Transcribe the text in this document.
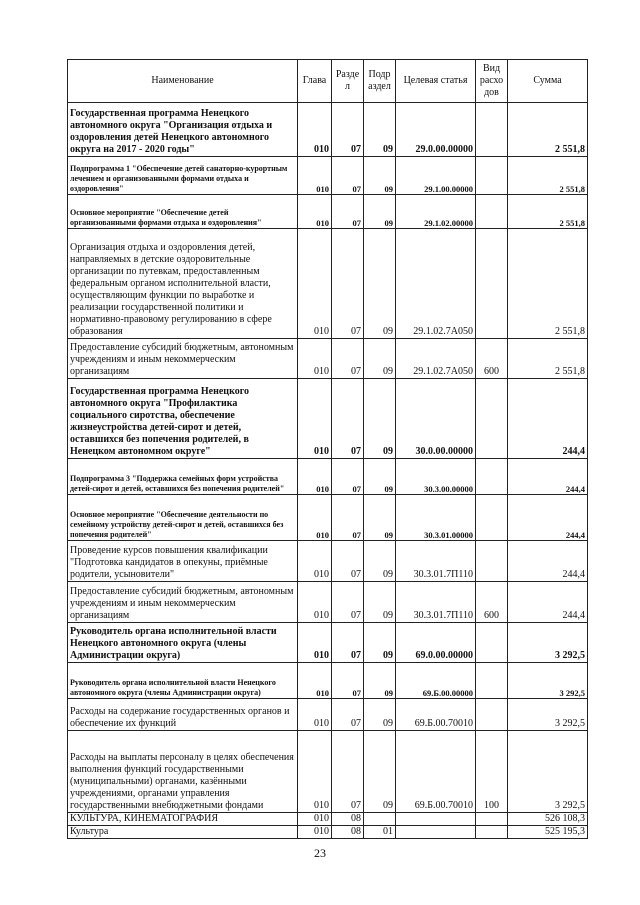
Наименование	Глава	Разде л	Подр аздел	Целевая статья	Вид расхо дов	Сумма
Государственная программа Ненецкого автономного округа "Организация отдыха и оздоровления детей Ненецкого автономного округа на 2017 - 2020 годы"	010	07	09	29.0.00.00000		2 551,8
Подпрограмма 1 "Обеспечение детей санаторно-курортным лечением и организованными формами отдыха и оздоровления"	010	07	09	29.1.00.00000		2 551,8
Основное мероприятие "Обеспечение детей организованными формами отдыха и оздоровления"	010	07	09	29.1.02.00000		2 551,8
Организация отдыха и оздоровления детей, направляемых в детские оздоровительные организации по путевкам, предоставленным федеральным органом исполнительной власти, осуществляющим функции по выработке и реализации государственной политики и нормативно-правовому регулированию в сфере образования	010	07	09	29.1.02.7А050		2 551,8
Предоставление субсидий бюджетным, автономным учреждениям и иным некоммерческим организациям	010	07	09	29.1.02.7А050	600	2 551,8
Государственная программа Ненецкого автономного округа "Профилактика социального сиротства, обеспечение жизнеустройства детей-сирот и детей, оставшихся без попечения родителей, в Ненецком автономном округе"	010	07	09	30.0.00.00000		244,4
Подпрограмма 3 "Поддержка семейных форм устройства детей-сирот и детей, оставшихся без попечения родителей"	010	07	09	30.3.00.00000		244,4
Основное мероприятие "Обеспечение деятельности по семейному устройству детей-сирот и детей, оставшихся без попечения родителей"	010	07	09	30.3.01.00000		244,4
Проведение курсов повышения квалификации "Подготовка кандидатов в опекуны, приёмные родители, усыновители"	010	07	09	30.3.01.7П110		244,4
Предоставление субсидий бюджетным, автономным учреждениям и иным некоммерческим организациям	010	07	09	30.3.01.7П110	600	244,4
Руководитель органа исполнительной власти Ненецкого автономного округа (члены Администрации округа)	010	07	09	69.0.00.00000		3 292,5
Руководитель органа исполнительной власти Ненецкого автономного округа (члены Администрации округа)	010	07	09	69.Б.00.00000		3 292,5
Расходы на содержание государственных органов и обеспечение их функций	010	07	09	69.Б.00.70010		3 292,5
Расходы на выплаты персоналу в целях обеспечения выполнения функций государственными (муниципальными) органами, казёнными учреждениями, органами управления государственными внебюджетными фондами	010	07	09	69.Б.00.70010	100	3 292,5
КУЛЬТУРА, КИНЕМАТОГРАФИЯ	010	08				526 108,3
Культура	010	08	01			525 195,3
23
